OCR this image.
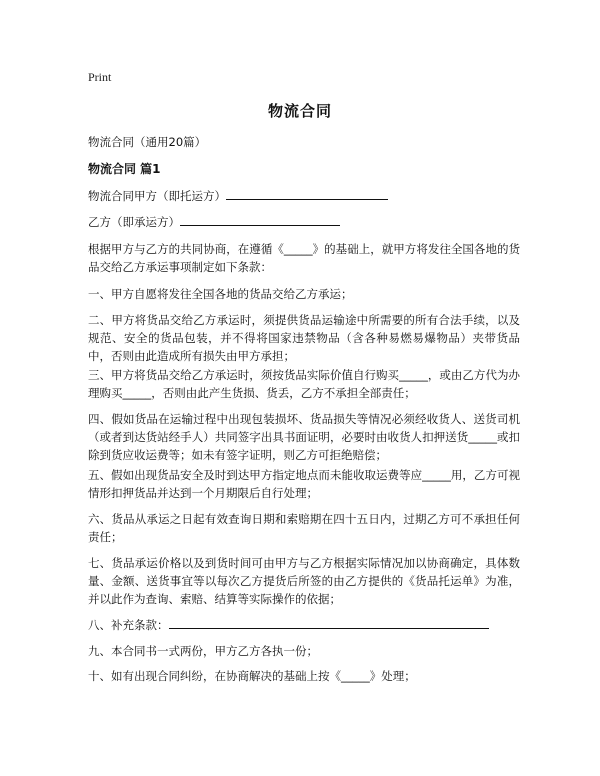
Print
物流合同
物流合同（通用20篇）
物流合同 篇1
物流合同甲方（即托运方）
乙方（即承运方）
根据甲方与乙方的共同协商，在遵循《_____》的基础上，就甲方将发往全国各地的货品交给乙方承运事项制定如下条款：
一、甲方自愿将发往全国各地的货品交给乙方承运；
二、甲方将货品交给乙方承运时，须提供货品运输途中所需要的所有合法手续，以及规范、安全的货品包装，并不得将国家违禁物品（含各种易燃易爆物品）夹带货品中，否则由此造成所有损失由甲方承担；
三、甲方将货品交给乙方承运时，须按货品实际价值自行购买_____，或由乙方代为办理购买_____，否则由此产生货损、货丢，乙方不承担全部责任；
四、假如货品在运输过程中出现包装损坏、货品损失等情况必须经收货人、送货司机（或者到达货站经手人）共同签字出具书面证明，必要时由收货人扣押送货_____或扣除到货应收运费等；如未有签字证明，则乙方可拒绝赔偿；
五、假如出现货品安全及时到达甲方指定地点而未能收取运费等应_____用，乙方可视情形扣押货品并达到一个月期限后自行处理；
六、货品从承运之日起有效查询日期和索赔期在四十五日内，过期乙方可不承担任何责任；
七、货品承运价格以及到货时间可由甲方与乙方根据实际情况加以协商确定，具体数量、金额、送货事宜等以每次乙方提货后所签的由乙方提供的《货品托运单》为准，并以此作为查询、索赔、结算等实际操作的依据；
八、补充条款：
九、本合同书一式两份，甲方乙方各执一份；
十、如有出现合同纠纷，在协商解决的基础上按《_____》处理；
